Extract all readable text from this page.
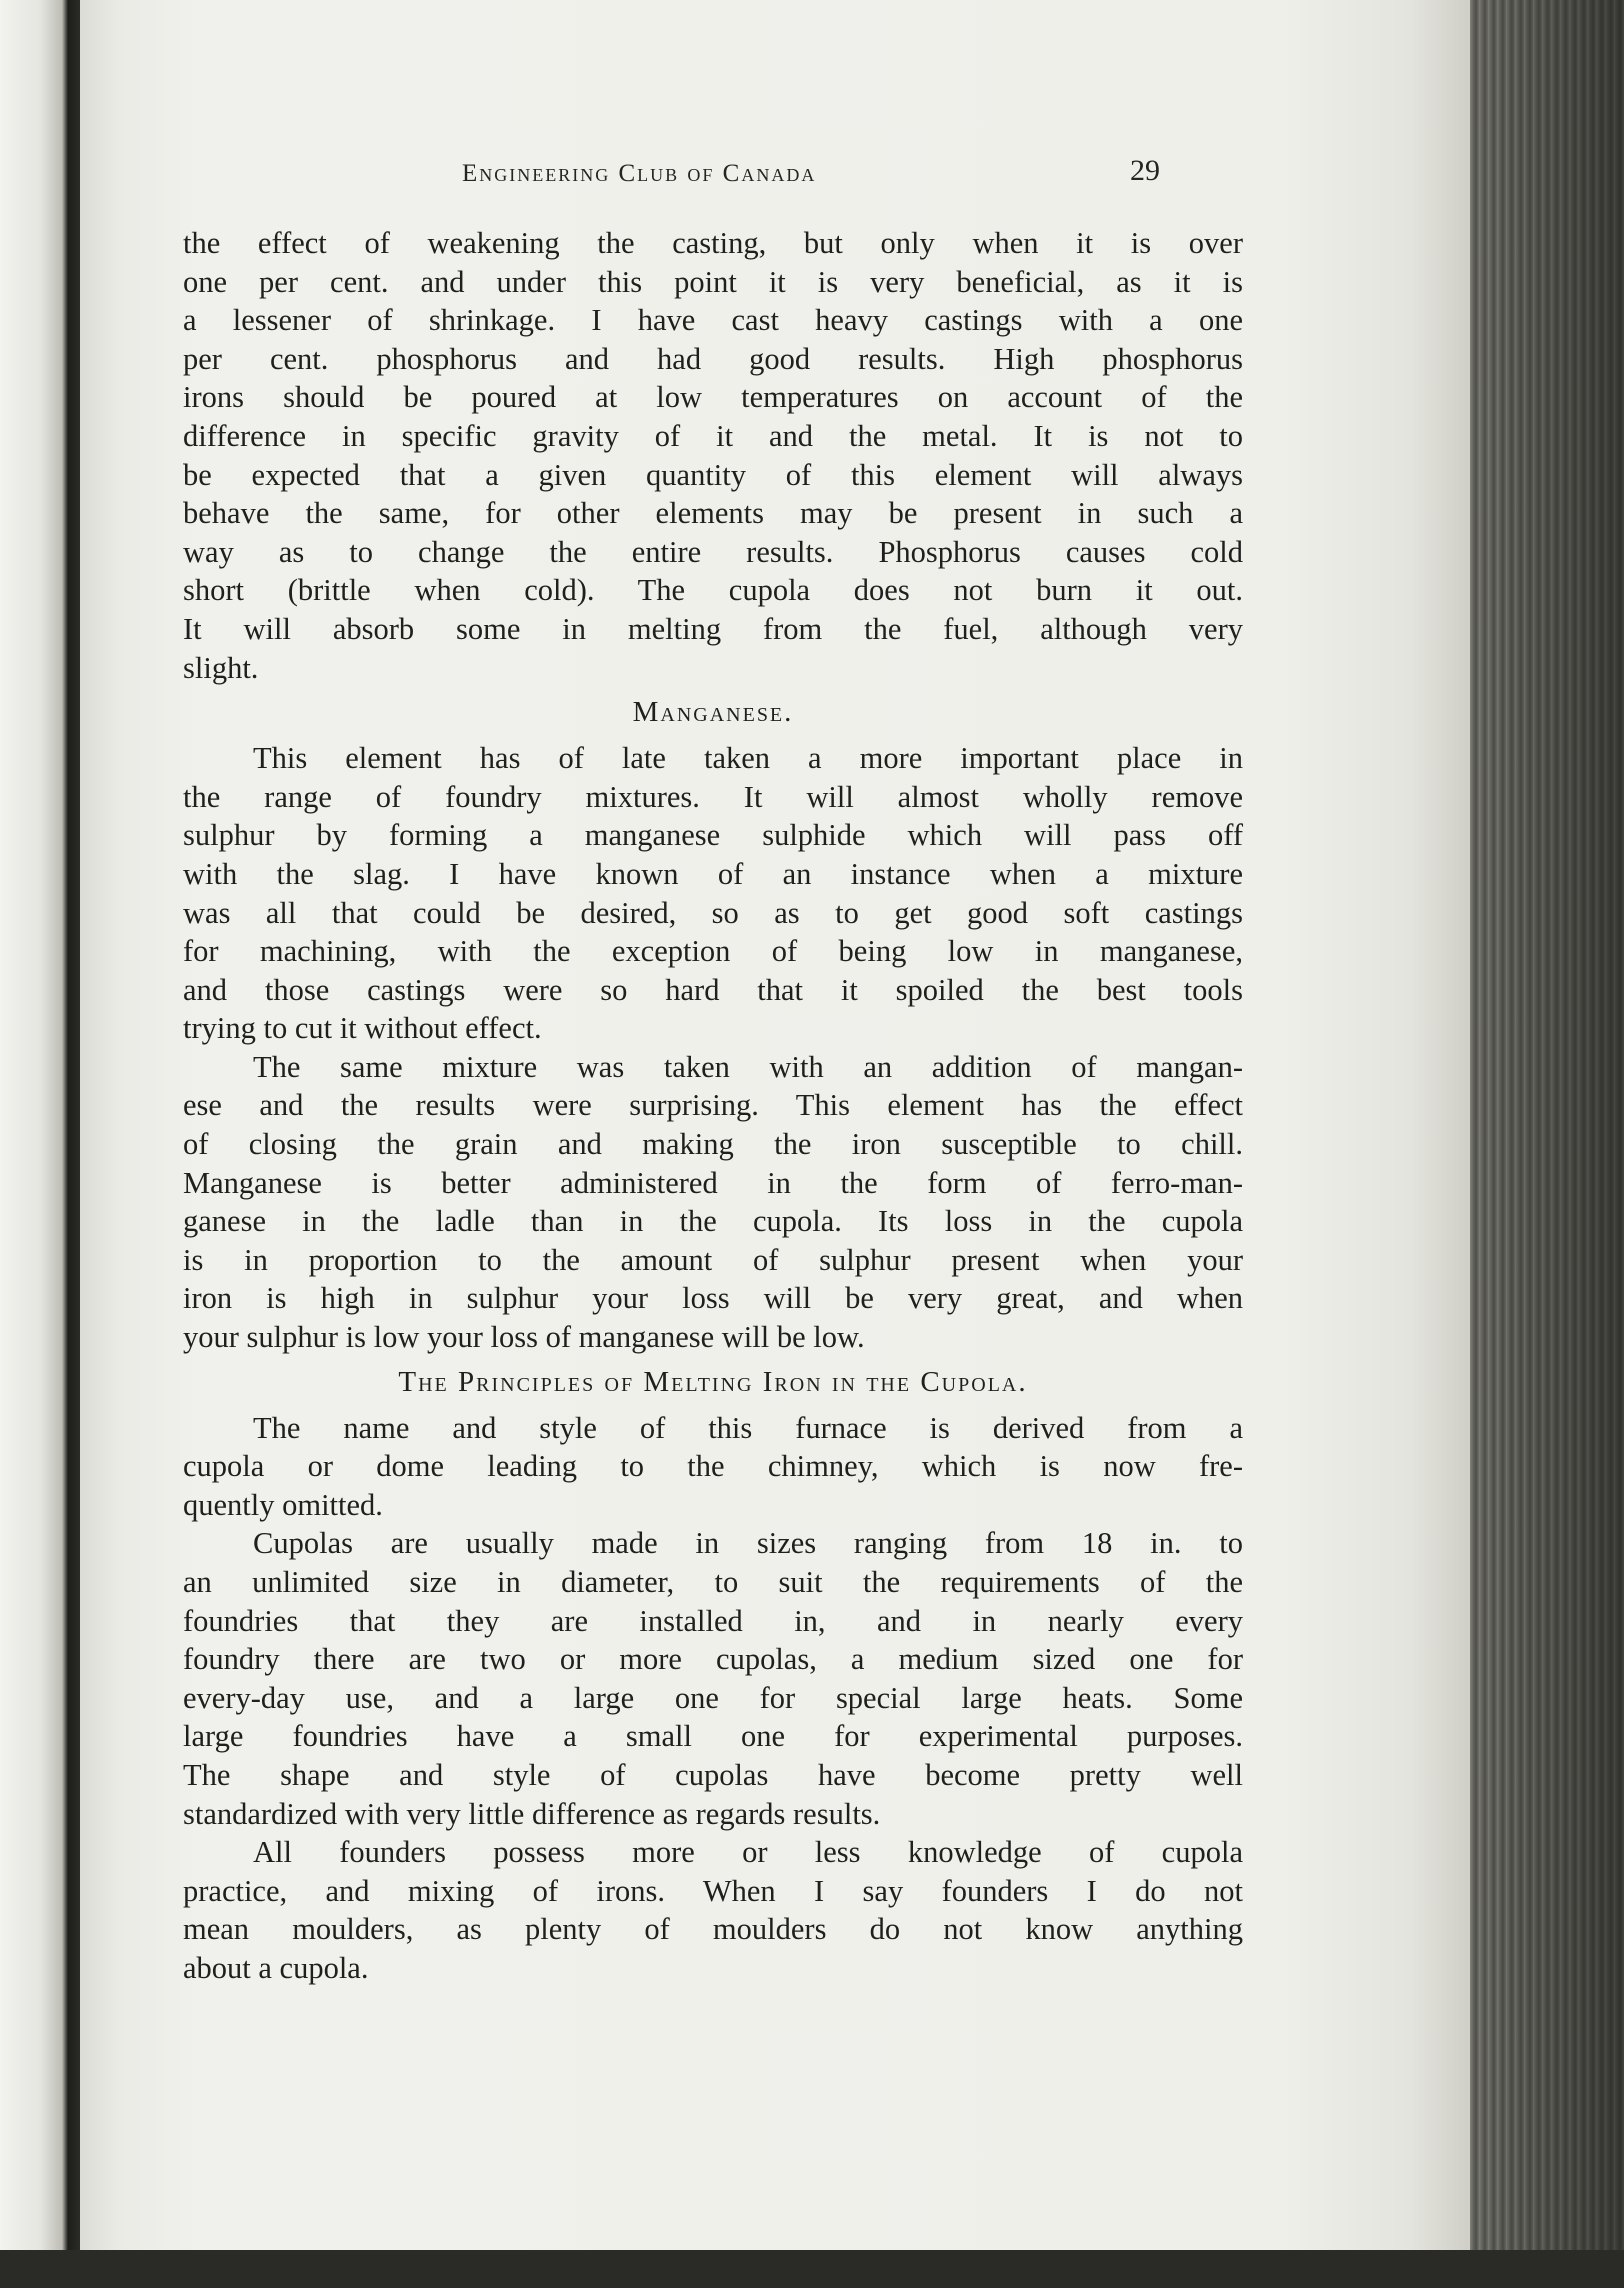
Engineering Club of Canada	29
the effect of weakening the casting, but only when it is over
one per cent. and under this point it is very beneficial, as it is
a lessener of shrinkage. I have cast heavy castings with a one
per cent. phosphorus and had good results. High phosphorus
irons should be poured at low temperatures on account of the
difference in specific gravity of it and the metal. It is not to
be expected that a given quantity of this element will always
behave the same, for other elements may be present in such a
way as to change the entire results. Phosphorus causes cold
short (brittle when cold). The cupola does not burn it out.
It will absorb some in melting from the fuel, although very
slight.
Manganese.
This element has of late taken a more important place in
the range of foundry mixtures. It will almost wholly remove
sulphur by forming a manganese sulphide which will pass off
with the slag. I have known of an instance when a mixture
was all that could be desired, so as to get good soft castings
for machining, with the exception of being low in manganese,
and those castings were so hard that it spoiled the best tools
trying to cut it without effect.
The same mixture was taken with an addition of mangan-
ese and the results were surprising. This element has the effect
of closing the grain and making the iron susceptible to chill.
Manganese is better administered in the form of ferro-man-
ganese in the ladle than in the cupola. Its loss in the cupola
is in proportion to the amount of sulphur present when your
iron is high in sulphur your loss will be very great, and when
your sulphur is low your loss of manganese will be low.
The Principles of Melting Iron in the Cupola.
The name and style of this furnace is derived from a
cupola or dome leading to the chimney, which is now fre-
quently omitted.
Cupolas are usually made in sizes ranging from 18 in. to
an unlimited size in diameter, to suit the requirements of the
foundries that they are installed in, and in nearly every
foundry there are two or more cupolas, a medium sized one for
every-day use, and a large one for special large heats. Some
large foundries have a small one for experimental purposes.
The shape and style of cupolas have become pretty well
standardized with very little difference as regards results.
All founders possess more or less knowledge of cupola
practice, and mixing of irons. When I say founders I do not
mean moulders, as plenty of moulders do not know anything
about a cupola.
